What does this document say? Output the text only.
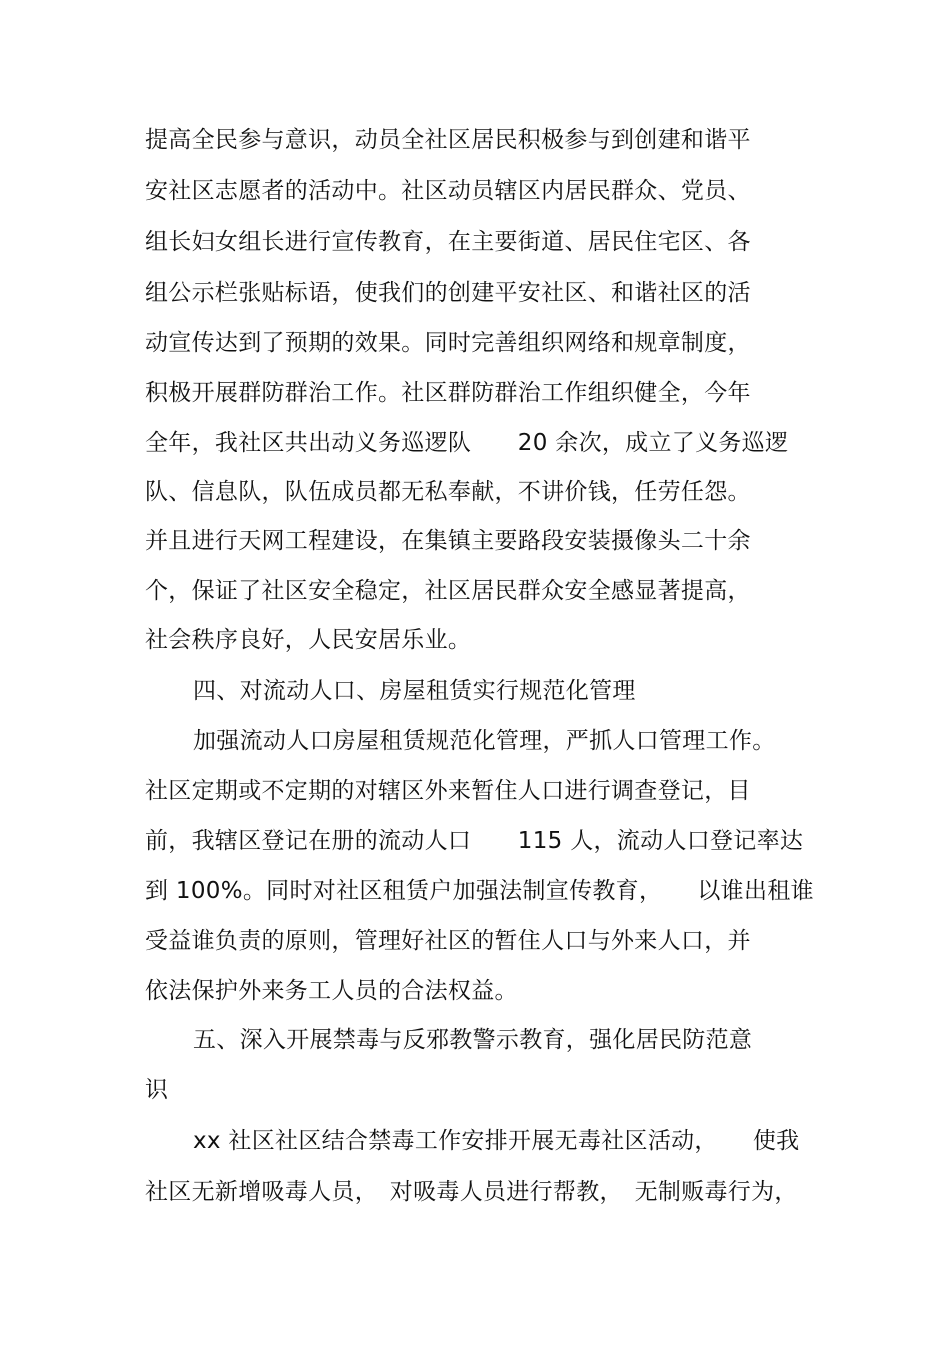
提高全民参与意识，动员全社区居民积极参与到创建和谐平
安社区志愿者的活动中。社区动员辖区内居民群众、党员、
组长妇女组长进行宣传教育，在主要街道、居民住宅区、各
组公示栏张贴标语，使我们的创建平安社区、和谐社区的活
动宣传达到了预期的效果。同时完善组织网络和规章制度，
积极开展群防群治工作。社区群防群治工作组织健全，今年
全年，我社区共出动义务巡逻队　　20 余次，成立了义务巡逻
队、信息队，队伍成员都无私奉献，不讲价钱，任劳任怨。
并且进行天网工程建设，在集镇主要路段安装摄像头二十余
个，保证了社区安全稳定，社区居民群众安全感显著提高，
社会秩序良好，人民安居乐业。
四、对流动人口、房屋租赁实行规范化管理
加强流动人口房屋租赁规范化管理，严抓人口管理工作。
社区定期或不定期的对辖区外来暂住人口进行调查登记，目
前，我辖区登记在册的流动人口　　115 人，流动人口登记率达
到 100%。同时对社区租赁户加强法制宣传教育，　　以谁出租谁
受益谁负责的原则，管理好社区的暂住人口与外来人口，并
依法保护外来务工人员的合法权益。
五、深入开展禁毒与反邪教警示教育，强化居民防范意
识
xx 社区社区结合禁毒工作安排开展无毒社区活动，　　使我
社区无新增吸毒人员，　对吸毒人员进行帮教，　无制贩毒行为，
